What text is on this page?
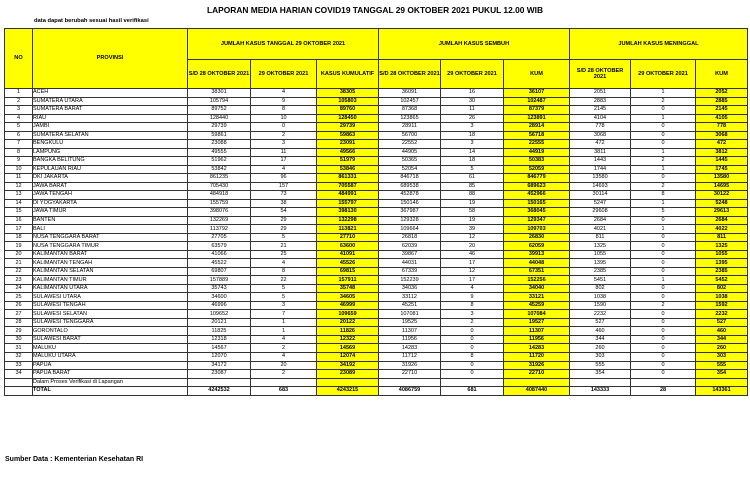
LAPORAN MEDIA HARIAN COVID19 TANGGAL 29 OKTOBER 2021 PUKUL 12.00 WIB
data dapat berubah sesuai hasil verifikasi
NO	PROVINSI	JUMLAH KASUS TANGGAL 29 OKTOBER 2021			JUMLAH KASUS SEMBUH			JUMLAH KASUS MENINGGAL		

		S/D 28 OKTOBER 2021	29 OKTOBER 2021	KASUS KUMULATIF	S/D 28 OKTOBER 2021	29 OKTOBER 2021	KUM	S/D 28 OKTOBER 2021	29 OKTOBER 2021	KUM

1	ACEH	38301	4	38305	36091	16	36107	2051	1	2052
2	SUMATERA UTARA	105794	9	105803	102457	30	102487	2883	2	2885
3	SUMATERA BARAT	89752	8	89760	87368	11	87379	2145	0	2145
4	RIAU	128440	10	128450	123865	26	123891	4104	1	4105
5	JAMBI	29739	0	29739	28911	3	28914	778	0	778
6	SUMATERA SELATAN	59861	2	59863	56700	18	56718	3068	0	3068
7	BENGKULU	23088	3	23091	22552	3	22555	472	0	472
8	LAMPUNG	49555	11	49566	44905	14	44919	3811	1	3812
9	BANGKA BELITUNG	51962	17	51979	50365	18	50383	1443	2	1445
10	KEPULAUAN RIAU	53842	4	53846	52054	5	52059	1744	1	1745
11	DKI JAKARTA	861235	96	861331	846718	61	846779	13580	0	13580
12	JAWA BARAT	705430	157	705587	689538	85	689623	14693	2	14695
13	JAWA TENGAH	484918	73	484991	452878	88	452966	30114	8	30122
14	DI YOGYAKARTA	155759	38	155797	150146	19	150165	5247	1	5248
15	JAWA TIMUR	398076	54	398130	367987	58	368045	29608	5	29613
16	BANTEN	132269	29	132298	129328	19	129347	2684	0	2684
17	BALI	113792	29	113821	109664	39	109703	4021	1	4022
18	NUSA TENGGARA BARAT	27705	5	27710	26818	12	26830	811	0	811
19	NUSA TENGGARA TIMUR	63579	21	63600	62039	20	62059	1325	0	1325
20	KALIMANTAN BARAT	41066	25	41091	39867	46	39913	1055	0	1055
21	KALIMANTAN TENGAH	45522	4	45526	44031	17	44048	1395	0	1395
22	KALIMANTAN SELATAN	69807	8	69815	67339	12	67351	2385	0	2385
23	KALIMANTAN TIMUR	157889	22	157911	152239	17	152256	5451	1	5452
24	KALIMANTAN UTARA	35743	5	35748	34036	4	34040	802	0	802
25	SULAWESI UTARA	34600	5	34605	33112	9	33121	1038	0	1038
26	SULAWESI TENGAH	46996	3	46999	45251	8	45259	1590	2	1592
27	SULAWESI SELATAN	109652	7	109659	107081	3	107084	2232	0	2232
28	SULAWESI TENGGARA	20121	1	20122	19525	2	19527	527	0	527
29	GORONTALO	11825	1	11826	11307	0	11307	460	0	460
30	SULAWESI BARAT	12318	4	12322	11956	0	11956	344	0	344
31	MALUKU	14567	2	14569	14283	0	14283	260	0	260
32	MALUKU UTARA	12070	4	12074	11712	8	11720	303	0	303
33	PAPUA	34172	20	34192	31926	0	31926	555	0	555
34	PAPUA BARAT	23087	2	23089	22710	0	22710	354	0	354
	Dalam Proses Verifikasi di Lapangan									
	TOTAL	4242532	683	4243215	4086759	681	4087440	143333	28	143361
Sumber Data : Kementerian Kesehatan RI
